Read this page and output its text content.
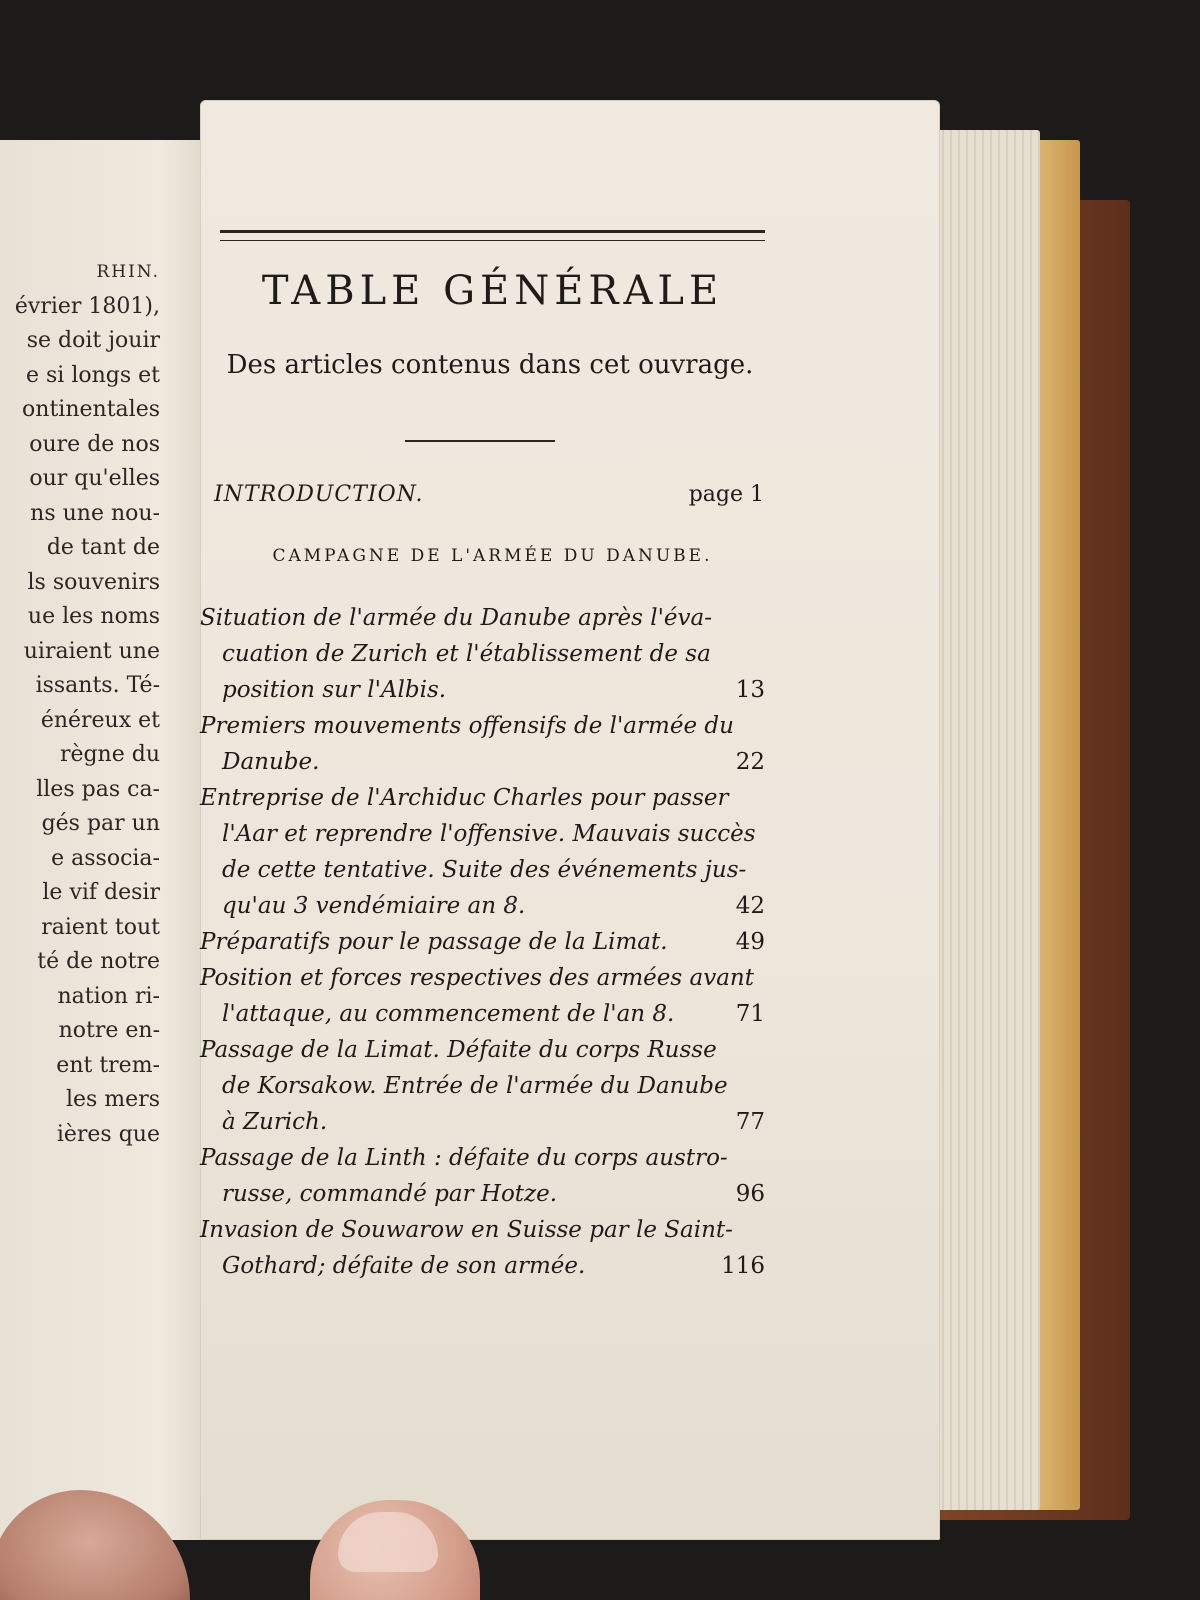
RHIN.
évrier 1801),
se doit jouir
e si longs et
ontinentales
oure de nos
our qu'elles
ns une nou-
de tant de
ls souvenirs
ue les noms
uiraient une
issants. Té-
énéreux et
règne du
lles pas ca-
gés par un
e associa-
le vif desir
raient tout
té de notre
nation ri-
notre en-
ent trem-
les mers
ières que
TABLE GÉNÉRALE
Des articles contenus dans cet ouvrage.
INTRODUCTION.	page 1
CAMPAGNE DE L'ARMÉE DU DANUBE.
Situation de l'armée du Danube après l'éva-
cuation de Zurich et l'établissement de sa
position sur l'Albis.	13
Premiers mouvements offensifs de l'armée du
Danube.	22
Entreprise de l'Archiduc Charles pour passer
l'Aar et reprendre l'offensive. Mauvais succès
de cette tentative. Suite des événements jus-
qu'au 3 vendémiaire an 8.	42
Préparatifs pour le passage de la Limat.	49
Position et forces respectives des armées avant
l'attaque, au commencement de l'an 8.	71
Passage de la Limat. Défaite du corps Russe
de Korsakow. Entrée de l'armée du Danube
à Zurich.	77
Passage de la Linth : défaite du corps austro-
russe, commandé par Hotze.	96
Invasion de Souwarow en Suisse par le Saint-
Gothard; défaite de son armée.	116
